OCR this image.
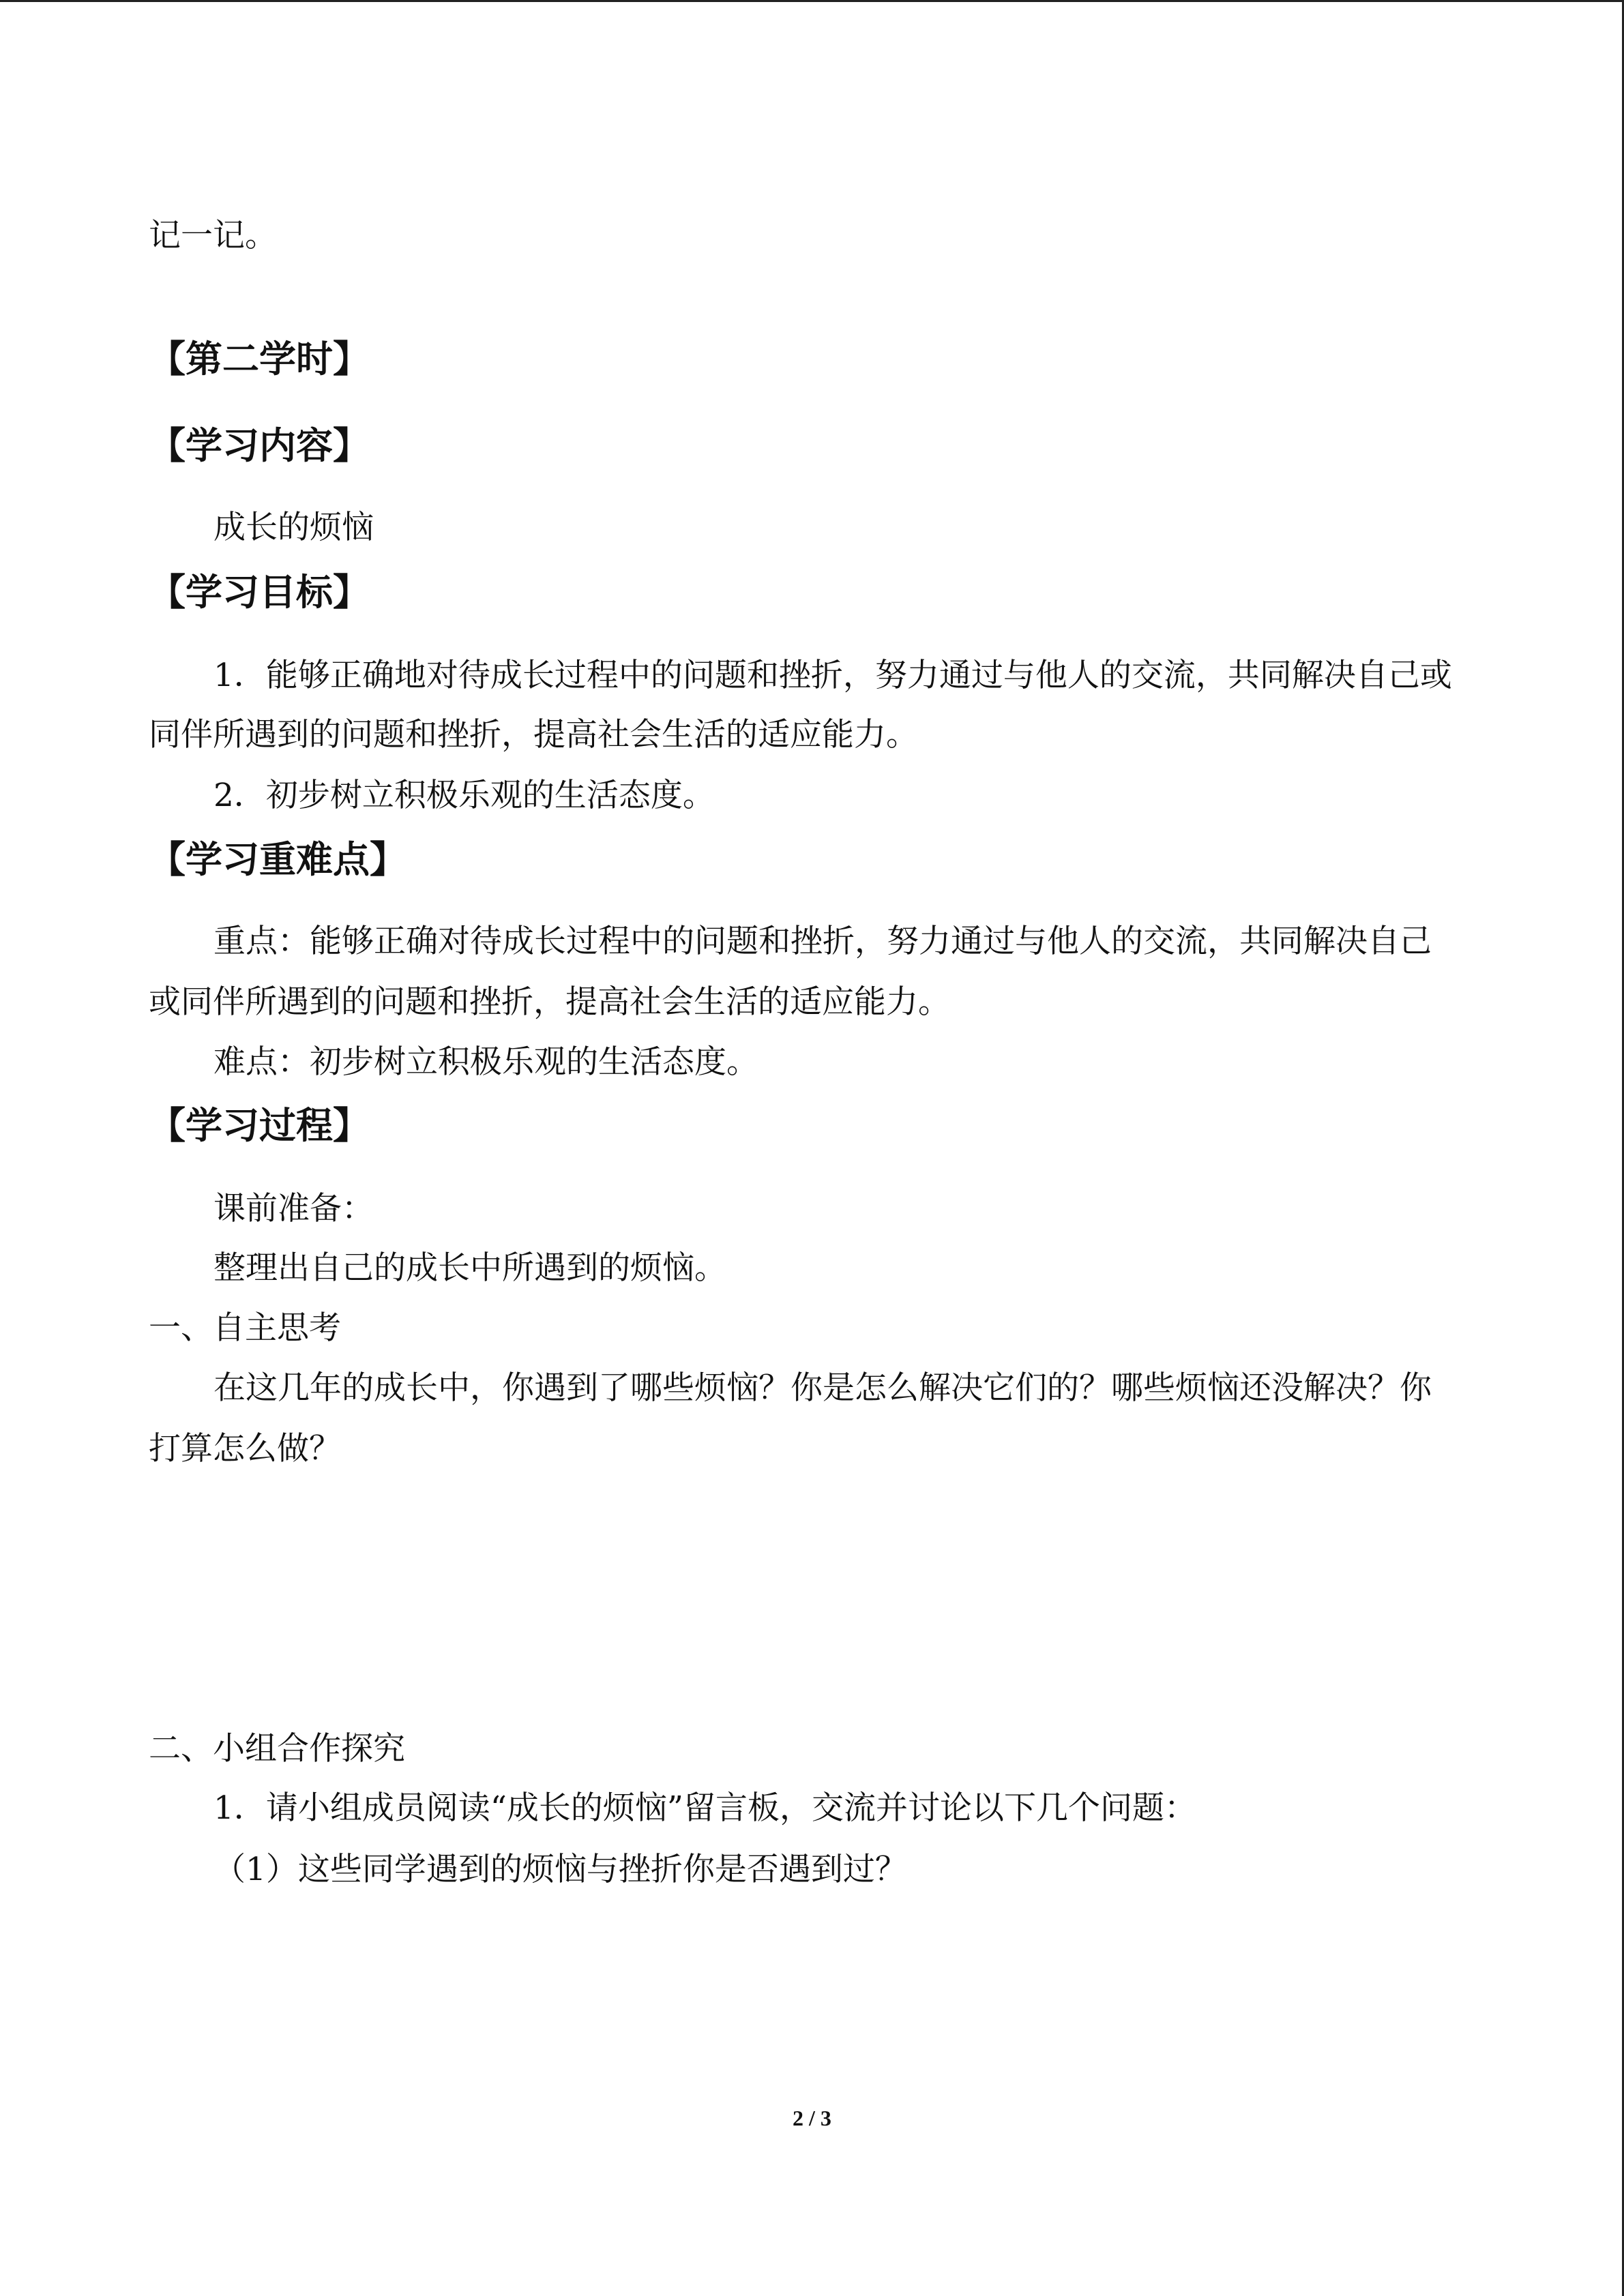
记一记。
【第二学时】
【学习内容】
成长的烦恼
【学习目标】
1．能够正确地对待成长过程中的问题和挫折，努力通过与他人的交流，共同解决自己或
同伴所遇到的问题和挫折，提高社会生活的适应能力。
2．初步树立积极乐观的生活态度。
【学习重难点】
重点：能够正确对待成长过程中的问题和挫折，努力通过与他人的交流，共同解决自己
或同伴所遇到的问题和挫折，提高社会生活的适应能力。
难点：初步树立积极乐观的生活态度。
【学习过程】
课前准备：
整理出自己的成长中所遇到的烦恼。
一、自主思考
在这几年的成长中，你遇到了哪些烦恼？你是怎么解决它们的？哪些烦恼还没解决？你
打算怎么做？
二、小组合作探究
1．请小组成员阅读“成长的烦恼”留言板，交流并讨论以下几个问题：
（1）这些同学遇到的烦恼与挫折你是否遇到过？
2 / 3
